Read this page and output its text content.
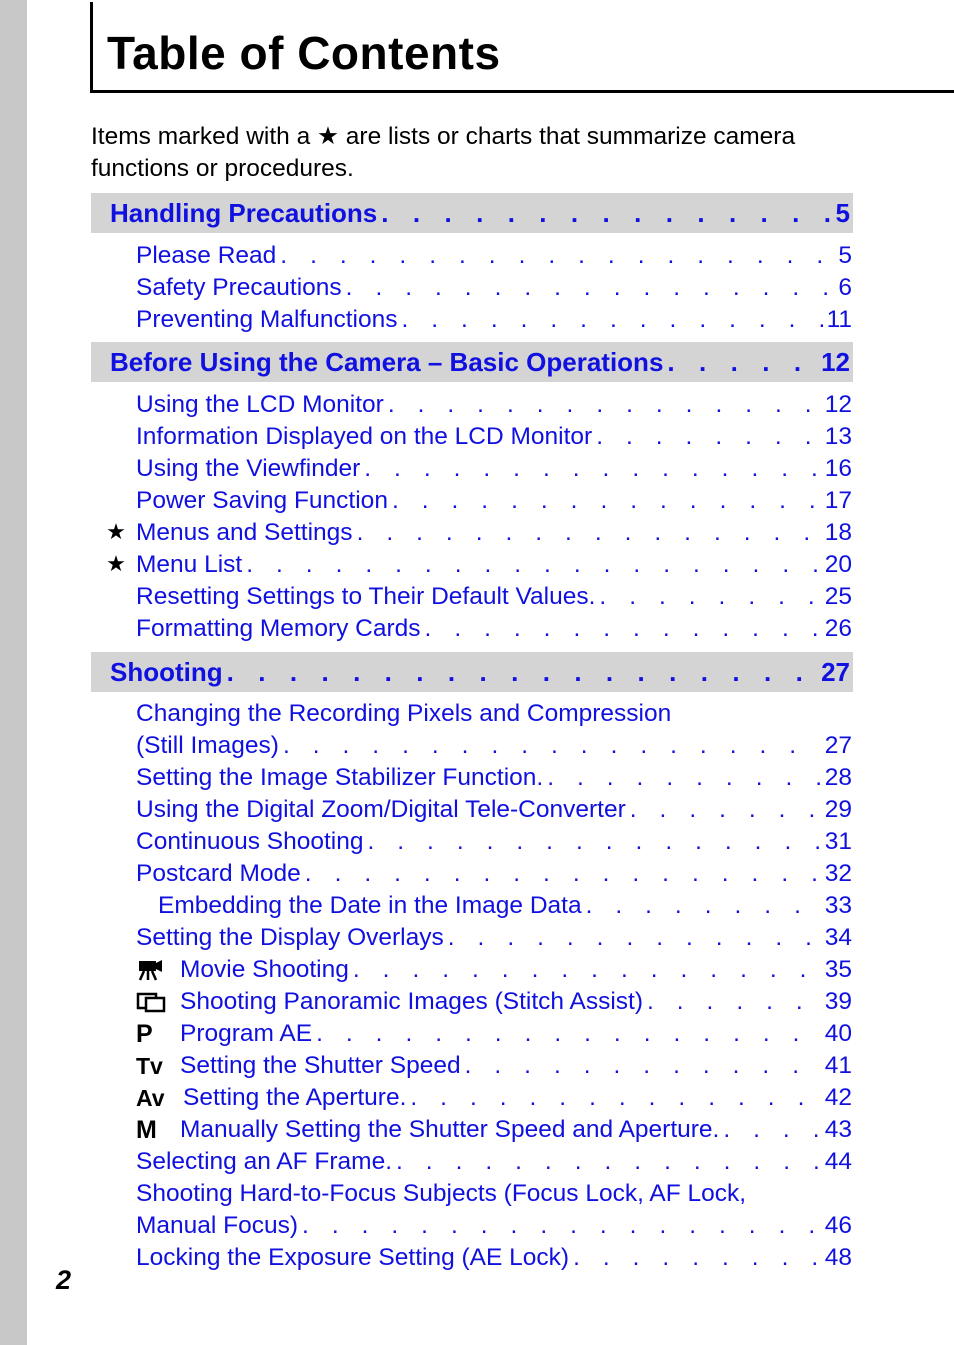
Table of Contents

Items marked with a ★ are lists or charts that summarize camera
functions or procedures.

Handling Precautions . . .	5
Please Read . . .	5
Safety Precautions . . .	6
Preventing Malfunctions . . .	11
Before Using the Camera – Basic Operations . . .	12
Using the LCD Monitor . . .	12
Information Displayed on the LCD Monitor . . .	13
Using the Viewfinder . . .	16
Power Saving Function . . .	17
★ Menus and Settings . . .	18
★ Menu List . . .	20
Resetting Settings to Their Default Values. . . .	25
Formatting Memory Cards . . .	26
Shooting . . .	27
Changing the Recording Pixels and Compression
(Still Images) . . .	27
Setting the Image Stabilizer Function. . . .	28
Using the Digital Zoom/Digital Tele-Converter . . .	29
Continuous Shooting . . .	31
Postcard Mode . . .	32
Embedding the Date in the Image Data . . .	33
Setting the Display Overlays . . .	34
Movie Shooting . . .	35
Shooting Panoramic Images (Stitch Assist) . . .	39
P	Program AE . . .	40
Tv Setting the Shutter Speed . . .	41
Av Setting the Aperture. . . .	42
M Manually Setting the Shutter Speed and Aperture. . . .	43
Selecting an AF Frame. . . .	44
Shooting Hard-to-Focus Subjects (Focus Lock, AF Lock,
Manual Focus) . . .	46
Locking the Exposure Setting (AE Lock) . . .	48
2
